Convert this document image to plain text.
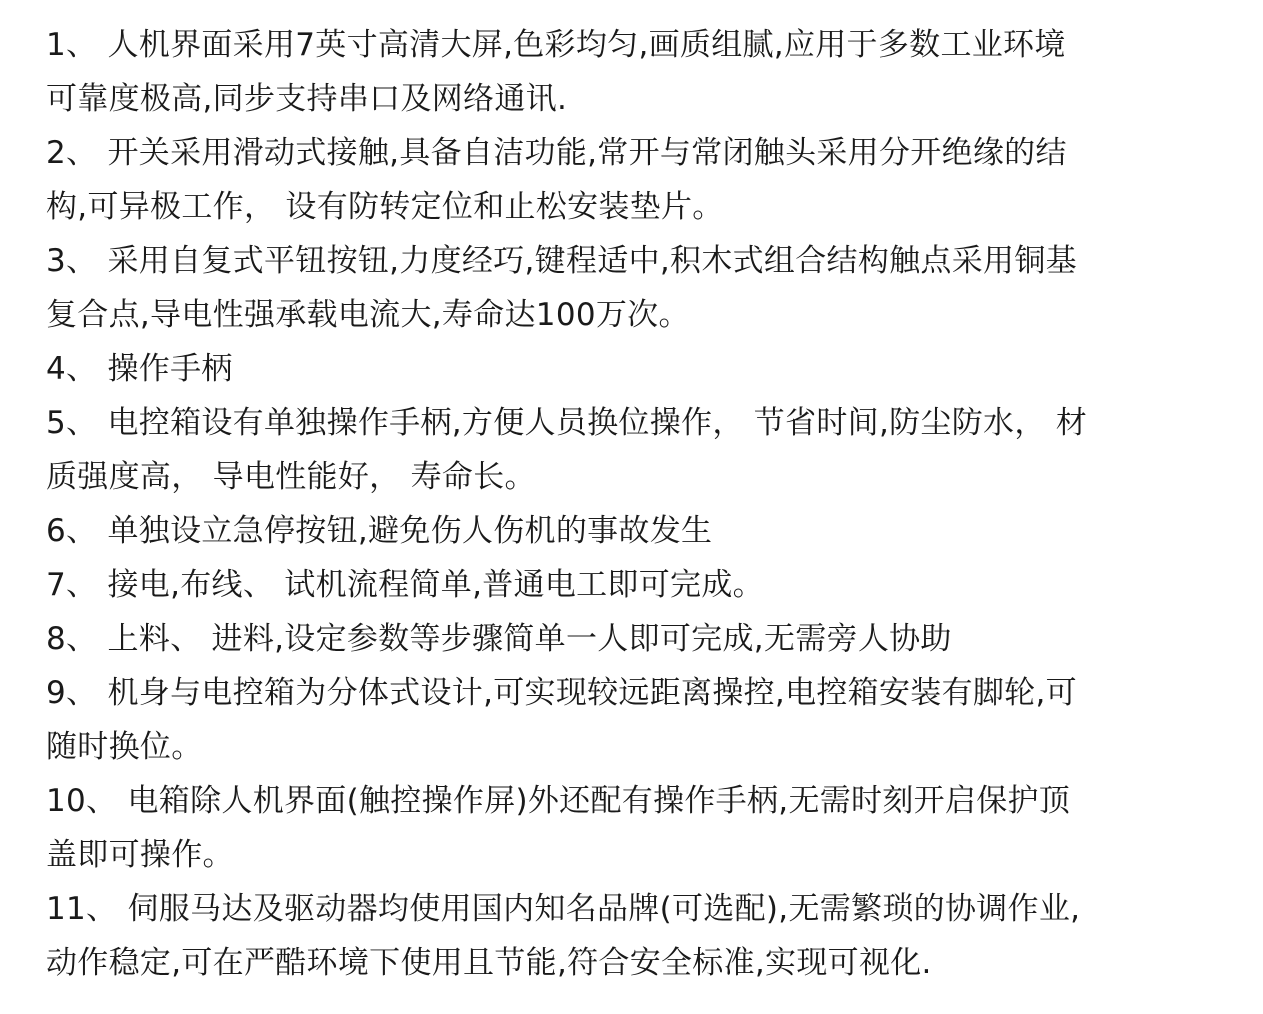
1、 人机界面采用7英寸高清大屏,色彩均匀,画质组腻,应用于多数工业环境
可靠度极高,同步支持串口及网络通讯.
2、 开关采用滑动式接触,具备自洁功能,常开与常闭触头采用分开绝缘的结
构,可异极工作， 设有防转定位和止松安装垫片。
3、 采用自复式平钮按钮,力度经巧,键程适中,积木式组合结构触点采用铜基
复合点,导电性强承载电流大,寿命达100万次。
4、 操作手柄
5、 电控箱设有单独操作手柄,方便人员换位操作， 节省时间,防尘防水， 材
质强度高， 导电性能好， 寿命长。
6、 单独设立急停按钮,避免伤人伤机的事故发生
7、 接电,布线、 试机流程简单,普通电工即可完成。
8、 上料、 进料,设定参数等步骤简单一人即可完成,无需旁人协助
9、 机身与电控箱为分体式设计,可实现较远距离操控,电控箱安装有脚轮,可
随时换位。
10、 电箱除人机界面(触控操作屏)外还配有操作手柄,无需时刻开启保护顶
盖即可操作。
11、 伺服马达及驱动器均使用国内知名品牌(可选配),无需繁琐的协调作业,
动作稳定,可在严酷环境下使用且节能,符合安全标准,实现可视化.
